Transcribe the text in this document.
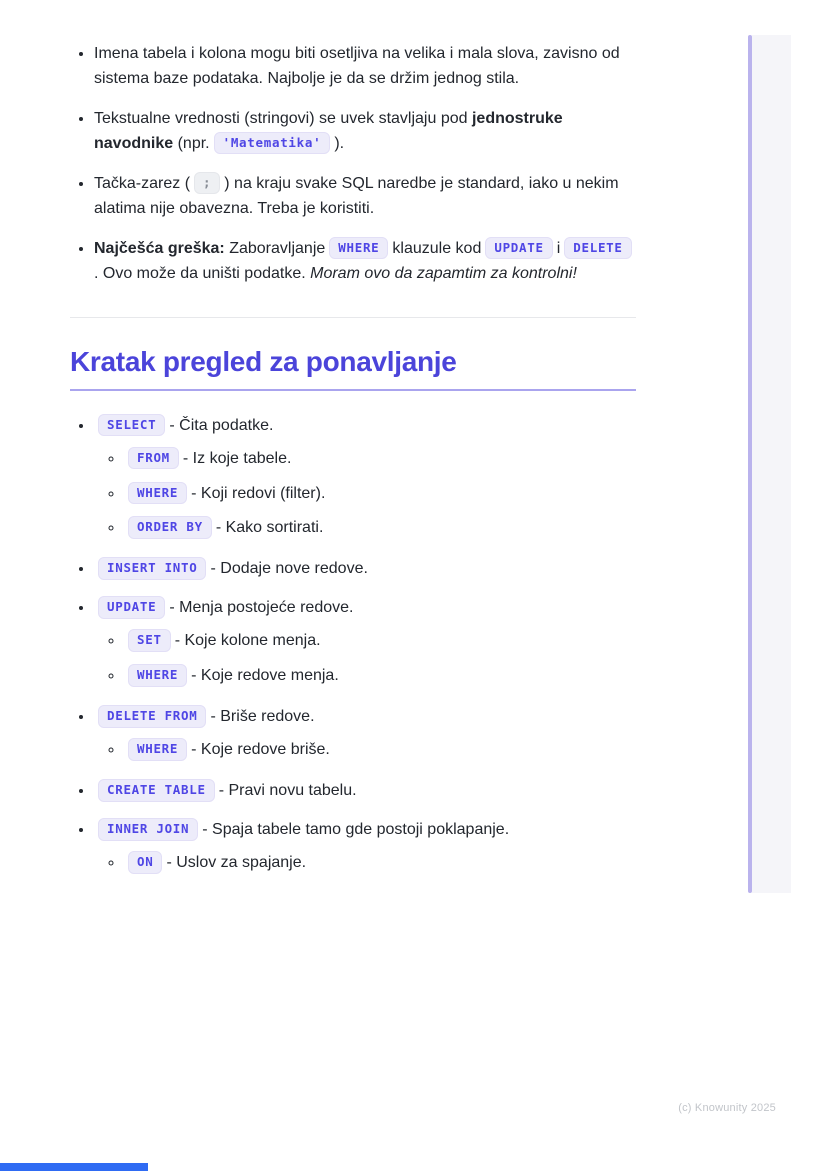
• Imena tabela i kolona mogu biti osetljiva na velika i mala slova, zavisno od sistema baze podataka. Najbolje je da se držim jednog stila.
• Tekstualne vrednosti (stringovi) se uvek stavljaju pod jednostruke navodnike (npr. 'Matematika' ).
• Tačka-zarez ( ; ) na kraju svake SQL naredbe je standard, iako u nekim alatima nije obavezna. Treba je koristiti.
• Najčešća greška: Zaboravljanje WHERE klauzule kod UPDATE i DELETE. Ovo može da uništi podatke. Moram ovo da zapamtim za kontrolni!
Kratak pregled za ponavljanje
• SELECT - Čita podatke.
◦ FROM - Iz koje tabele.
◦ WHERE - Koji redovi (filter).
◦ ORDER BY - Kako sortirati.
• INSERT INTO - Dodaje nove redove.
• UPDATE - Menja postojeće redove.
◦ SET - Koje kolone menja.
◦ WHERE - Koje redove menja.
• DELETE FROM - Briše redove.
◦ WHERE - Koje redove briše.
• CREATE TABLE - Pravi novu tabelu.
• INNER JOIN - Spaja tabele tamo gde postoji poklapanje.
◦ ON - Uslov za spajanje.
(c) Knowunity 2025
